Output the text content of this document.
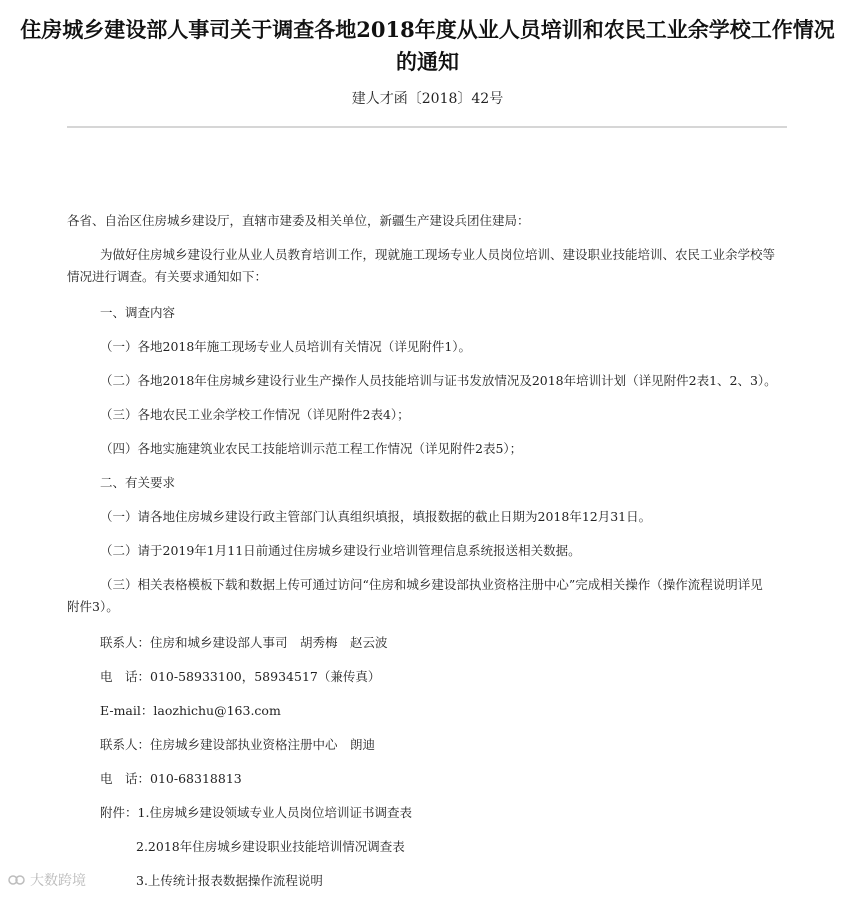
住房城乡建设部人事司关于调查各地2018年度从业人员培训和农民工业余学校工作情况的通知
建人才函〔2018〕42号
各省、自治区住房城乡建设厅，直辖市建委及相关单位，新疆生产建设兵团住建局：
为做好住房城乡建设行业从业人员教育培训工作，现就施工现场专业人员岗位培训、建设职业技能培训、农民工业余学校等情况进行调查。有关要求通知如下：
一、调查内容
（一）各地2018年施工现场专业人员培训有关情况（详见附件1）。
（二）各地2018年住房城乡建设行业生产操作人员技能培训与证书发放情况及2018年培训计划（详见附件2表1、2、3）。
（三）各地农民工业余学校工作情况（详见附件2表4）；
（四）各地实施建筑业农民工技能培训示范工程工作情况（详见附件2表5）；
二、有关要求
（一）请各地住房城乡建设行政主管部门认真组织填报，填报数据的截止日期为2018年12月31日。
（二）请于2019年1月11日前通过住房城乡建设行业培训管理信息系统报送相关数据。
（三）相关表格模板下载和数据上传可通过访问“住房和城乡建设部执业资格注册中心”完成相关操作（操作流程说明详见附件3）。
联系人：住房和城乡建设部人事司　胡秀梅　赵云波
电　话：010-58933100，58934517（兼传真）
E-mail：laozhichu@163.com
联系人：住房城乡建设部执业资格注册中心　朗迪
电　话：010-68318813
附件：1.住房城乡建设领域专业人员岗位培训证书调查表
2.2018年住房城乡建设职业技能培训情况调查表
3.上传统计报表数据操作流程说明
大数跨境
